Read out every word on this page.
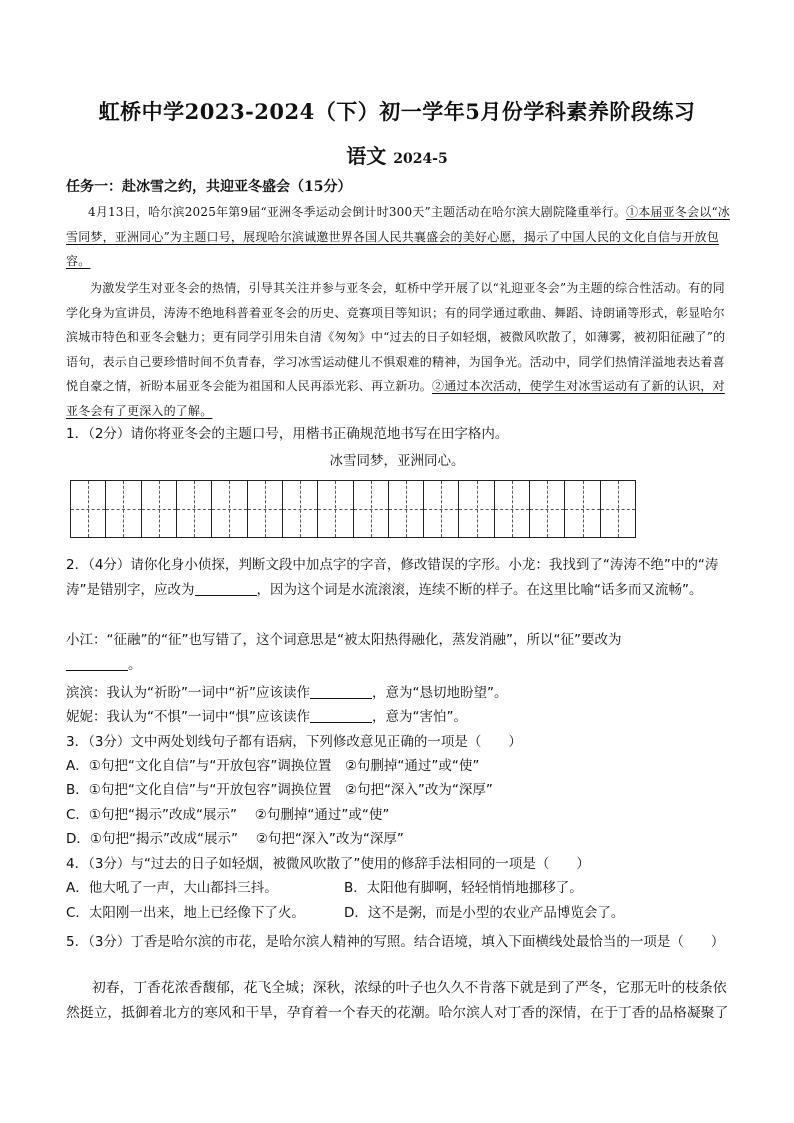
虹桥中学2023-2024（下）初一学年5月份学科素养阶段练习
语文 2024-5
任务一：赴冰雪之约，共迎亚冬盛会（15分）
4月13日，哈尔滨2025年第9届“亚洲冬季运动会倒计时300天”主题活动在哈尔滨大剧院隆重举行。①本届亚冬会以“冰雪同梦，亚洲同心”为主题口号，展现哈尔滨诚邀世界各国人民共襄盛会的美好心愿，揭示了中国人民的文化自信与开放包容。
为激发学生对亚冬会的热情，引导其关注并参与亚冬会，虹桥中学开展了以“礼迎亚冬会”为主题的综合性活动。有的同学化身为宣讲员，涛涛不绝地科普着亚冬会的历史、竞赛项目等知识；有的同学通过歌曲、舞蹈、诗朗诵等形式，彰显哈尔滨城市特色和亚冬会魅力；更有同学引用朱自清《匆匆》中“过去的日子如轻烟，被微风吹散了，如薄雾，被初阳征融了”的语句，表示自己要珍惜时间不负青春，学习冰雪运动健儿不惧艰难的精神，为国争光。活动中，同学们热情洋溢地表达着喜悦自豪之情，祈盼本届亚冬会能为祖国和人民再添光彩、再立新功。②通过本次活动，使学生对冰雪运动有了新的认识，对亚冬会有了更深入的了解。
1．（2分）请你将亚冬会的主题口号，用楷书正确规范地书写在田字格内。
冰雪同梦，亚洲同心。
2．（4分）请你化身小侦探，判断文段中加点字的字音，修改错误的字形。小龙：我找到了“涛涛不绝”中的“涛涛”是错别字，应改为	，因为这个词是水流滚滚，连续不断的样子。在这里比喻“话多而又流畅”。
小江：“征融”的“征”也写错了，这个词意思是“被太阳热得融化，蒸发消融”，所以“征”要改为
。
滨滨：我认为“祈盼”一词中“祈”应该读作	，意为“恳切地盼望”。
妮妮：我认为“不惧”一词中“惧”应该读作	，意为“害怕”。
3．（3分）文中两处划线句子都有语病，下列修改意见正确的一项是（　　）
A．①句把“文化自信”与“开放包容”调换位置　②句删掉“通过”或“使”
B．①句把“文化自信”与“开放包容”调换位置　②句把“深入”改为“深厚”
C．①句把“揭示”改成“展示”　 ②句删掉“通过”或“使”
D．①句把“揭示”改成“展示”　 ②句把“深入”改为“深厚”
4．（3分）与“过去的日子如轻烟，被微风吹散了”使用的修辞手法相同的一项是（　　）
A．他大吼了一声，大山都抖三抖。	B．太阳他有脚啊，轻轻悄悄地挪移了。
C．太阳刚一出来，地上已经像下了火。	D．这不是粥，而是小型的农业产品博览会了。
5．（3分）丁香是哈尔滨的市花，是哈尔滨人精神的写照。结合语境，填入下面横线处最恰当的一项是（　　）
初春，丁香花浓香馥郁，花飞全城；深秋，浓绿的叶子也久久不肯落下就是到了严冬，它那无叶的枝条依然挺立，抵御着北方的寒风和干旱，孕育着一个春天的花潮。哈尔滨人对丁香的深情，在于丁香的品格凝聚了
